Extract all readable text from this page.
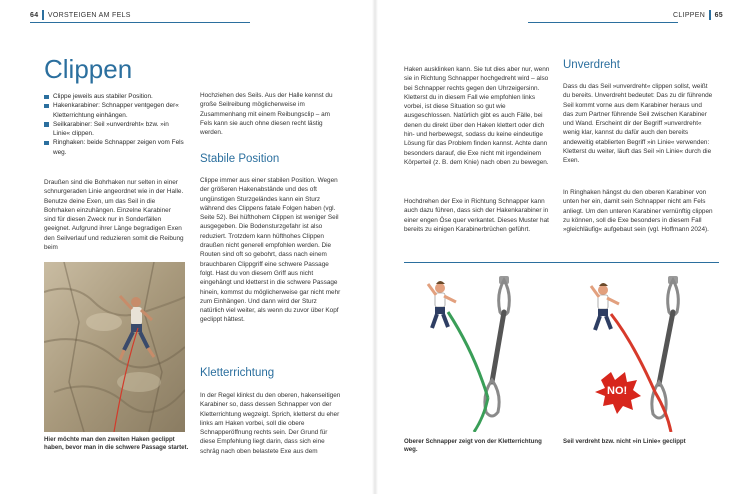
64	VORSTEIGEN AM FELS	CLIPPEN 65
Clippen
Clippe jeweils aus stabiler Position.
Hakenkarabiner: Schnapper ventgegen der« Kletterrichtung einhängen.
Seilkarabiner: Seil »unverdreht« bzw. »in Linie« clippen.
Ringhaken: beide Schnapper zeigen vom Fels weg.

Draußen sind die Bohrhaken nur selten in einer schnurgeraden Linie angeordnet wie in der Halle. Benutze deine Exen, um das Seil in die Bohrhaken einzuhängen. Einzelne Karabiner sind für diesen Zweck nur in Sonderfällen geeignet. Aufgrund ihrer Länge begradigen Exen den Seilverlauf und reduzieren somit die Reibung beim

Hier möchte man den zweiten Haken geclippt haben, bevor man in die schwere Passage startet.

Hochziehen des Seils. Aus der Halle kennst du große Seilreibung möglicherweise im Zusammenhang mit einem Reibungsclip – am Fels kann sie auch ohne diesen recht lästig werden.

Stabile Position

Clippe immer aus einer stabilen Position. Wegen der größeren Hakenabstände und des oft ungünstigen Sturzgeländes kann ein Sturz während des Clippens fatale Folgen haben (vgl. Seite 52). Bei hüfthohem Clippen ist weniger Seil ausgegeben. Die Bodensturzgefahr ist also reduziert. Trotzdem kann hüfthohes Clippen draußen nicht generell empfohlen werden. Die Routen sind oft so gebohrt, dass nach einem brauchbaren Clippgriff eine schwere Passage folgt. Hast du von diesem Griff aus nicht eingehängt und kletterst in die schwere Passage hinein, kommst du möglicherweise gar nicht mehr zum Einhängen. Und dann wird der Sturz natürlich viel weiter, als wenn du zuvor über Kopf geclippt hättest.

Kletterrichtung

In der Regel klinkst du den oberen, hakenseitigen Karabiner so, dass dessen Schnapper von der Kletterrichtung wegzeigt. Sprich, kletterst du eher links am Haken vorbei, soll die obere Schnapperöffnung rechts sein. Der Grund für diese Empfehlung liegt darin, dass sich eine schräg nach oben belastete Exe aus dem

Haken ausklinken kann. Sie tut dies aber nur, wenn sie in Richtung Schnapper hochgedreht wird – also bei Schnapper rechts gegen den Uhrzeigersinn. Kletterst du in diesem Fall wie empfohlen links vorbei, ist diese Situation so gut wie ausgeschlossen. Natürlich gibt es auch Fälle, bei denen du direkt über den Haken klettert oder dich hin- und herbewegst, sodass du keine eindeutige Lösung für das Problem finden kannst. Achte dann besonders darauf, die Exe nicht mit irgendeinem Körperteil (z. B. dem Knie) nach oben zu bewegen.

Hochdrehen der Exe in Richtung Schnapper kann auch dazu führen, dass sich der Hakenkarabiner in einer engen Öse quer verkantet. Dieses Muster hat bereits zu einigen Karabinerbrüchen geführt.

Unverdreht

Dass du das Seil »unverdreht« clippen sollst, weißt du bereits. Unverdreht bedeutet: Das zu dir führende Seil kommt vorne aus dem Karabiner heraus und das zum Partner führende Seil zwischen Karabiner und Wand. Erscheint dir der Begriff »unverdreht« wenig klar, kannst du dafür auch den bereits andeweitig etablierten Begriff »in Linie« verwenden: Kletterst du weiter, läuft das Seil »in Linie« durch die Exen.

In Ringhaken hängst du den oberen Karabiner von unten her ein, damit sein Schnapper nicht am Fels anliegt. Um den unteren Karabiner vernünftig clippen zu können, soll die Exe besonders in diesem Fall »gleichläufig« aufgebaut sein (vgl. Hoffmann 2024).

Oberer Schnapper zeigt von der Kletterrichtung weg.

NO!

Seil verdreht bzw. nicht »in Linie« geclippt
